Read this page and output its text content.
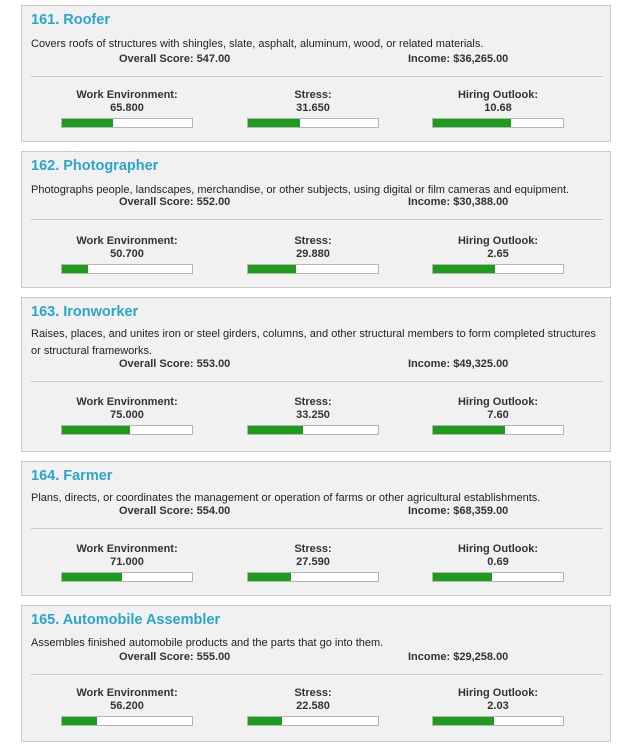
161. Roofer
Covers roofs of structures with shingles, slate, asphalt, aluminum, wood, or related materials.
Overall Score: 547.00	Income: $36,265.00
Work Environment:
65.800
Stress:
31.650
Hiring Outlook:
10.68
162. Photographer
Photographs people, landscapes, merchandise, or other subjects, using digital or film cameras and equipment.
Overall Score: 552.00	Income: $30,388.00
Work Environment:
50.700
Stress:
29.880
Hiring Outlook:
2.65
163. Ironworker
Raises, places, and unites iron or steel girders, columns, and other structural members to form completed structures or structural frameworks.
Overall Score: 553.00	Income: $49,325.00
Work Environment:
75.000
Stress:
33.250
Hiring Outlook:
7.60
164. Farmer
Plans, directs, or coordinates the management or operation of farms or other agricultural establishments.
Overall Score: 554.00	Income: $68,359.00
Work Environment:
71.000
Stress:
27.590
Hiring Outlook:
0.69
165. Automobile Assembler
Assembles finished automobile products and the parts that go into them.
Overall Score: 555.00	Income: $29,258.00
Work Environment:
56.200
Stress:
22.580
Hiring Outlook:
2.03
